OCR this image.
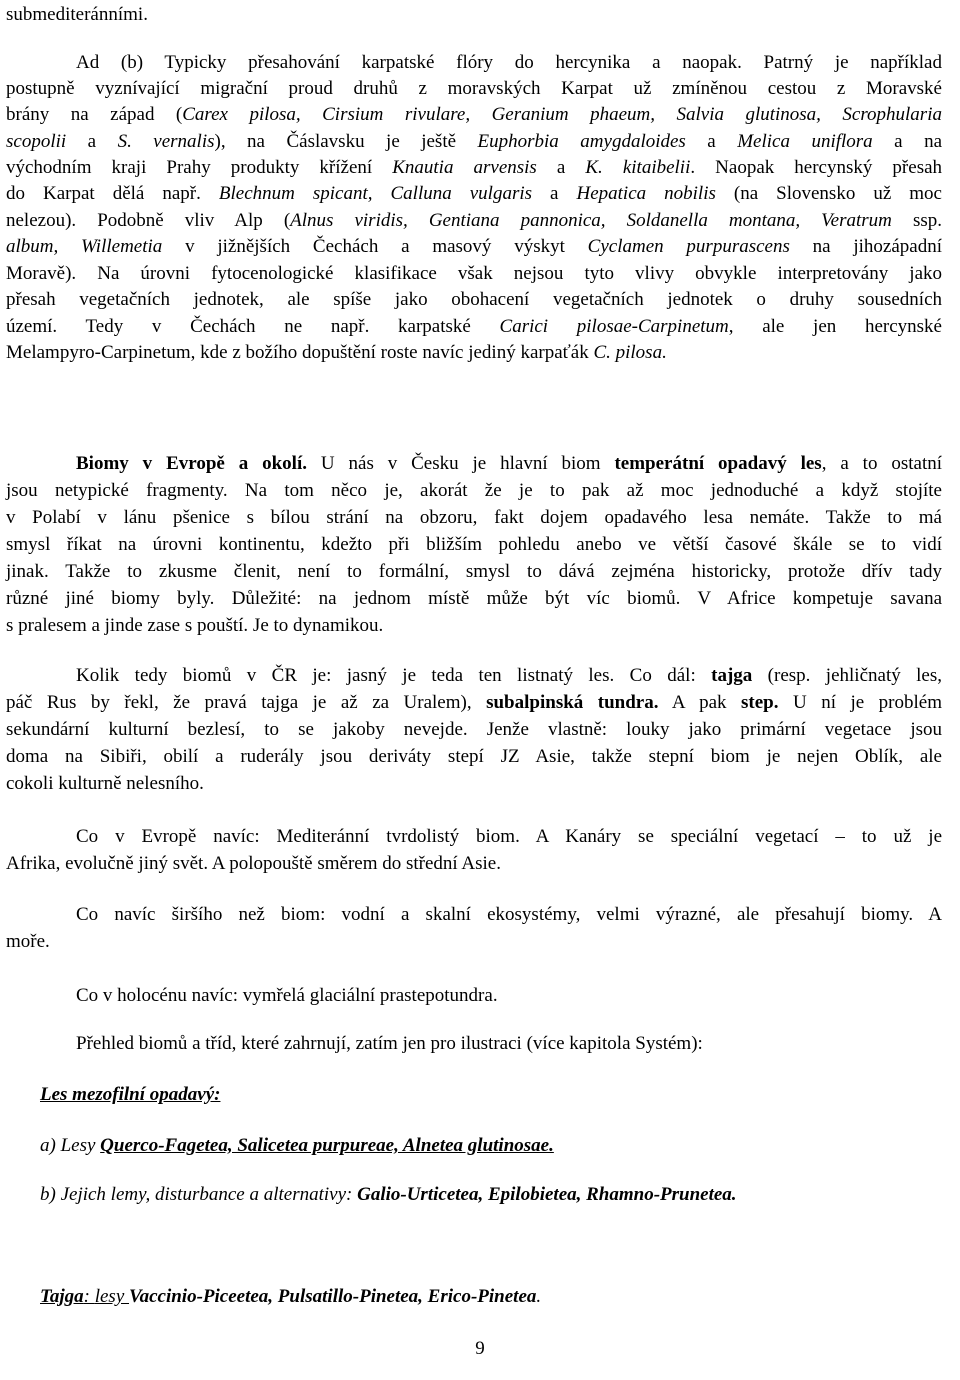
submediteránními.
Ad (b) Typicky přesahování karpatské flóry do hercynika a naopak. Patrný je například
postupně vyznívající migrační proud druhů z moravských Karpat už zmíněnou cestou z Moravské
brány na západ (Carex pilosa, Cirsium rivulare, Geranium phaeum, Salvia glutinosa, Scrophularia
scopolii a S. vernalis), na Čáslavsku je ještě Euphorbia amygdaloides a Melica uniflora a na
východním kraji Prahy produkty křížení Knautia arvensis a K. kitaibelii. Naopak hercynský přesah
do Karpat dělá např. Blechnum spicant, Calluna vulgaris a Hepatica nobilis (na Slovensko už moc
nelezou). Podobně vliv Alp (Alnus viridis, Gentiana pannonica, Soldanella montana, Veratrum ssp.
album, Willemetia v jižnějších Čechách a masový výskyt Cyclamen purpurascens na jihozápadní
Moravě). Na úrovni fytocenologické klasifikace však nejsou tyto vlivy obvykle interpretovány jako
přesah vegetačních jednotek, ale spíše jako obohacení vegetačních jednotek o druhy sousedních
území. Tedy v Čechách ne např. karpatské Carici pilosae-Carpinetum, ale jen hercynské
Melampyro-Carpinetum, kde z božího dopuštění roste navíc jediný karpaťák C. pilosa.
Biomy v Evropě a okolí. U nás v Česku je hlavní biom temperátní opadavý les, a to ostatní
jsou netypické fragmenty. Na tom něco je, akorát že je to pak až moc jednoduché a když stojíte
v Polabí v lánu pšenice s bílou strání na obzoru, fakt dojem opadavého lesa nemáte. Takže to má
smysl říkat na úrovni kontinentu, kdežto při bližším pohledu anebo ve větší časové škále se to vidí
jinak. Takže to zkusme členit, není to formální, smysl to dává zejména historicky, protože dřív tady
různé jiné biomy byly. Důležité: na jednom místě může být víc biomů. V Africe kompetuje savana
s pralesem a jinde zase s pouští. Je to dynamikou.
Kolik tedy biomů v ČR je: jasný je teda ten listnatý les. Co dál: tajga (resp. jehličnatý les,
páč Rus by řekl, že pravá tajga je až za Uralem), subalpinská tundra. A pak step. U ní je problém
sekundární kulturní bezlesí, to se jakoby nevejde. Jenže vlastně: louky jako primární vegetace jsou
doma na Sibiři, obilí a ruderály jsou deriváty stepí JZ Asie, takže stepní biom je nejen Oblík, ale
cokoli kulturně nelesního.
Co v Evropě navíc: Mediteránní tvrdolistý biom. A Kanáry se speciální vegetací – to už je
Afrika, evolučně jiný svět. A polopouště směrem do střední Asie.
Co navíc širšího než biom: vodní a skalní ekosystémy, velmi výrazné, ale přesahují biomy. A
moře.
Co v holocénu navíc: vymřelá glaciální prastepotundra.
Přehled biomů a tříd, které zahrnují, zatím jen pro ilustraci (více kapitola Systém):
Les mezofilní opadavý:
a) Lesy Querco-Fagetea, Salicetea purpureae, Alnetea glutinosae.
b) Jejich lemy, disturbance a alternativy: Galio-Urticetea, Epilobietea, Rhamno-Prunetea.
Tajga: lesy Vaccinio-Piceetea, Pulsatillo-Pinetea, Erico-Pinetea.
9
